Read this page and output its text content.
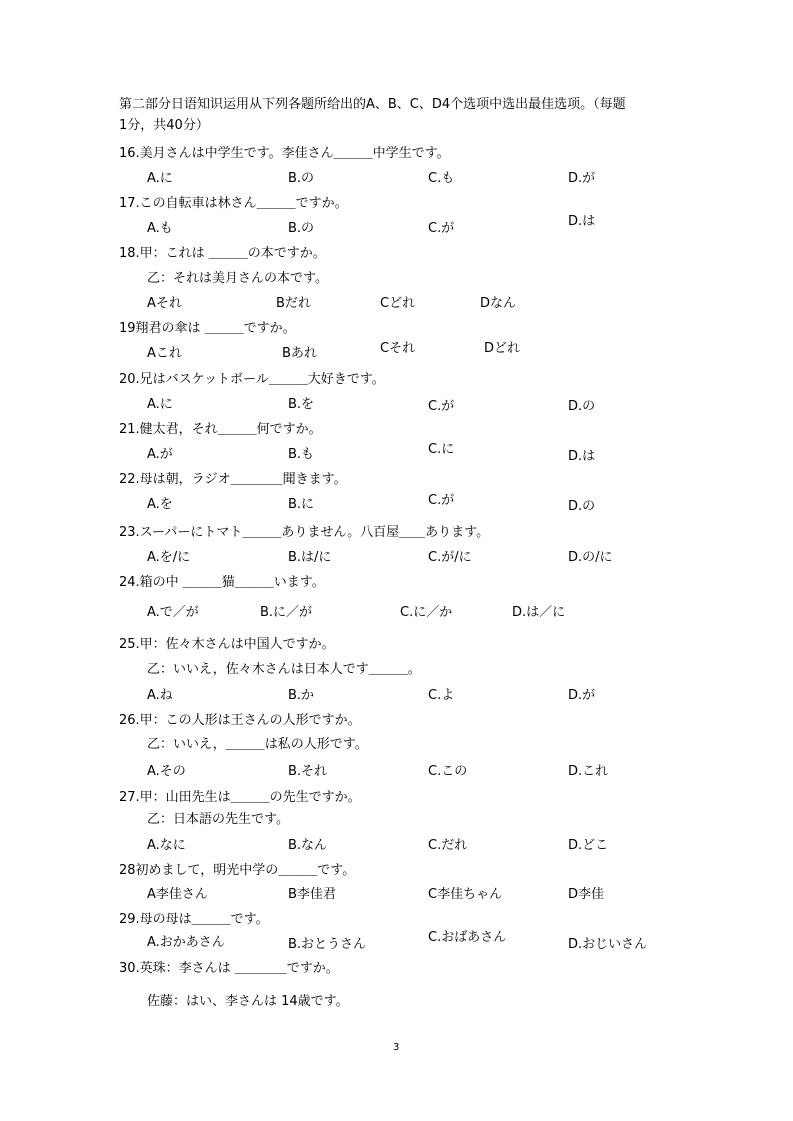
第二部分日语知识运用从下列各题所给出的A、B、C、D4个选项中选出最佳选项。（每题
1分，共40分）
16.美月さんは中学生です。李佳さん＿＿＿中学生です。
A.に	B.の	C.も	D.が
17.この自転車は林さん＿＿＿ですか。
A.も	B.の	C.が	D.は
18.甲：これは ＿＿＿の本ですか。
乙：それは美月さんの本です。
Aそれ	Bだれ	Cどれ	Dなん
19翔君の傘は ＿＿＿ですか。
Aこれ	Bあれ	Cそれ	Dどれ
20.兄はバスケットボール＿＿＿大好きです。
A.に	B.を	C.が	D.の
21.健太君，それ＿＿＿何ですか。
A.が	B.も	C.に	D.は
22.母は朝，ラジオ＿＿＿＿聞きます。
A.を	B.に	C.が	D.の
23.スーパーにトマト＿＿＿ありません。八百屋＿＿あります。
A.を/に	B.は/に	C.が/に	D.の/に
24.箱の中 ＿＿＿猫＿＿＿います。
A.で／が	B.に／が	C.に／か	D.は／に
25.甲：佐々木さんは中国人ですか。
乙：いいえ，佐々木さんは日本人です＿＿＿。
A.ね	B.か	C.よ	D.が
26.甲：この人形は王さんの人形ですか。
乙：いいえ，＿＿＿は私の人形です。
A.その	B.それ	C.この	D.これ
27.甲：山田先生は＿＿＿の先生ですか。
乙：日本語の先生です。
A.なに	B.なん	C.だれ	D.どこ
28初めまして，明光中学の＿＿＿です。
A李佳さん	B李佳君	C李佳ちゃん	D李佳
29.母の母は＿＿＿です。
A.おかあさん	B.おとうさん	C.おばあさん	D.おじいさん
30.英珠：李さんは ＿＿＿＿ですか。
佐藤：はい、李さんは 14歳です。
3
